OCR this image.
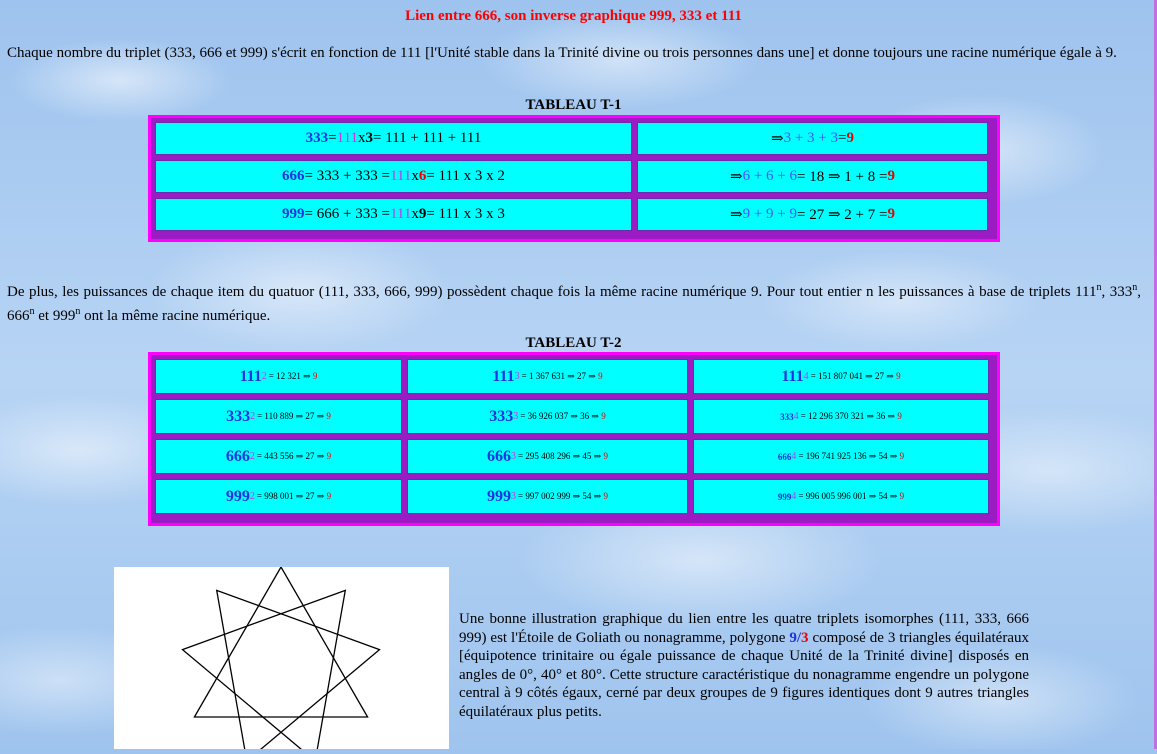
Lien entre 666, son inverse graphique 999, 333 et 111
Chaque nombre du triplet (333, 666 et 999) s'écrit en fonction de 111 [l'Unité stable dans la Trinité divine ou trois personnes dans une] et donne toujours une racine numérique égale à 9.
TABLEAU T-1
333 = 111 x 3 = 111 + 111 + 111	⇒ 3 + 3 + 3 = 9
666 = 333 + 333 = 111 x 6 = 111 x 3 x 2	⇒ 6 + 6 + 6 = 18 ⇒ 1 + 8 = 9
999 = 666 + 333 = 111 x 9 = 111 x 3 x 3	⇒ 9 + 9 + 9 = 27 ⇒ 2 + 7 = 9
De plus, les puissances de chaque item du quatuor (111, 333, 666, 999) possèdent chaque fois la même racine numérique 9. Pour tout entier n les puissances à base de triplets 111$^n$, 333$^n$, 666$^n$ et 999$^n$ ont la même racine numérique.
TABLEAU T-2
111 2 = 12 321 ⇒ 9	111 3 = 1 367 631 ⇒ 27 ⇒ 9	111 4 = 151 807 041 ⇒ 27 ⇒ 9
333 2 = 110 889 ⇒ 27 ⇒ 9	333 3 = 36 926 037 ⇒ 36 ⇒ 9	333 4 = 12 296 370 321 ⇒ 36 ⇒ 9
666 2 = 443 556 ⇒ 27 ⇒ 9	666 3 = 295 408 296 ⇒ 45 ⇒ 9	666 4 = 196 741 925 136 ⇒ 54 ⇒ 9
999 2 = 998 001 ⇒ 27 ⇒ 9	999 3 = 997 002 999 ⇒ 54 ⇒ 9	999 4 = 996 005 996 001 ⇒ 54 ⇒ 9
Une bonne illustration graphique du lien entre les quatre triplets isomorphes (111, 333, 666 999) est l'Étoile de Goliath ou nonagramme, polygone 9/3 composé de 3 triangles équilatéraux [équipotence trinitaire ou égale puissance de chaque Unité de la Trinité divine] disposés en angles de 0°, 40° et 80°. Cette structure caractéristique du nonagramme engendre un polygone central à 9 côtés égaux, cerné par deux groupes de 9 figures identiques dont 9 autres triangles équilatéraux plus petits.
